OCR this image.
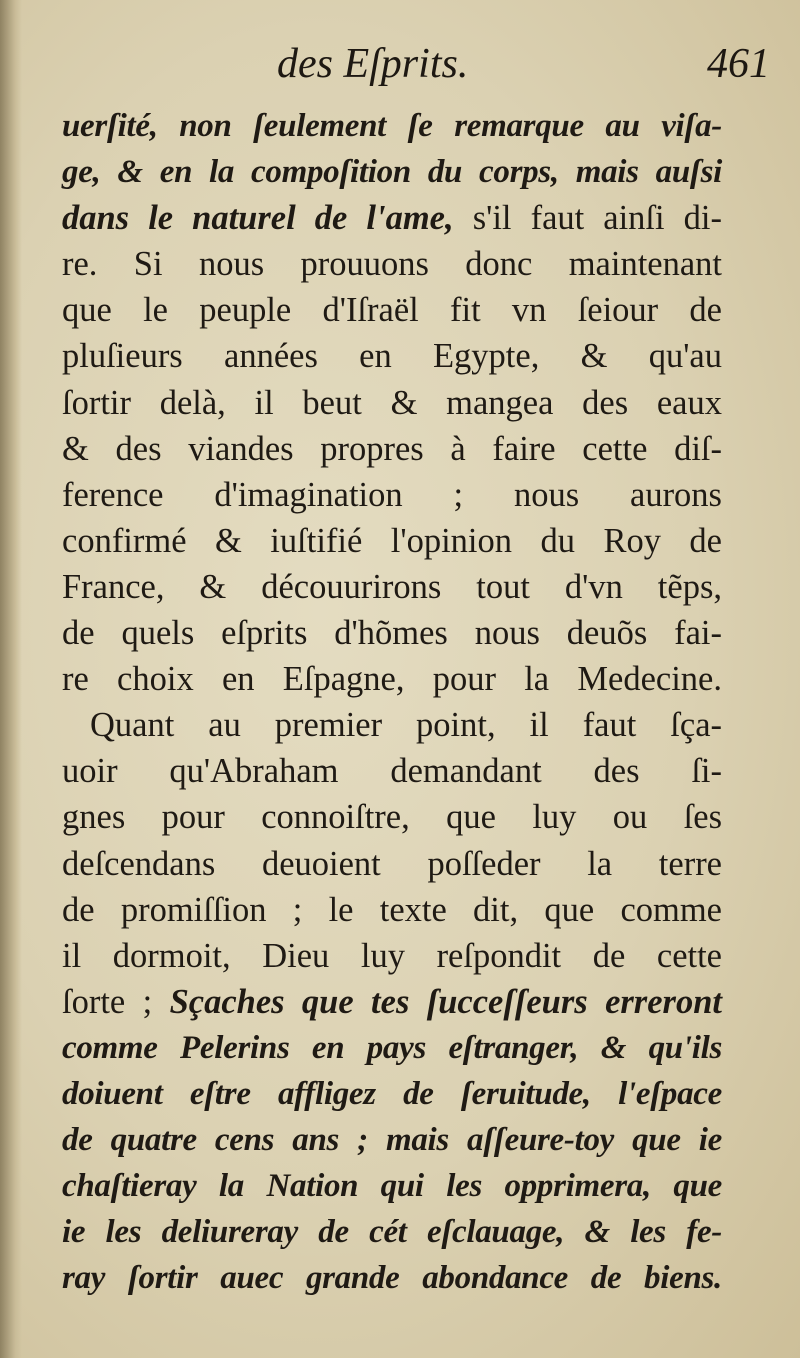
des Eſprits.	461
uerſité, non ſeulement ſe remarque au viſa-
ge, & en la compoſition du corps, mais auſsi
dans le naturel de l'ame, s'il faut ainſi di-
re. Si nous prouuons donc maintenant
que le peuple d'Iſraël fit vn ſeiour de
pluſieurs années en Egypte, & qu'au
ſortir delà, il beut & mangea des eaux
& des viandes propres à faire cette diſ-
ference d'imagination ; nous aurons
confirmé & iuſtifié l'opinion du Roy de
France, & découurirons tout d'vn tẽps,
de quels eſprits d'hõmes nous deuõs fai-
re choix en Eſpagne, pour la Medecine.
Quant au premier point, il faut ſça-
uoir qu'Abraham demandant des ſi-
gnes pour connoiſtre, que luy ou ſes
deſcendans deuoient poſſeder la terre
de promiſſion ; le texte dit, que comme
il dormoit, Dieu luy reſpondit de cette
ſorte ; Sçaches que tes ſucceſſeurs erreront
comme Pelerins en pays eſtranger, & qu'ils
doiuent eſtre affligez de ſeruitude, l'eſpace
de quatre cens ans ; mais aſſeure-toy que ie
chaſtieray la Nation qui les opprimera, que
ie les deliureray de cét eſclauage, & les fe-
ray ſortir auec grande abondance de biens.
